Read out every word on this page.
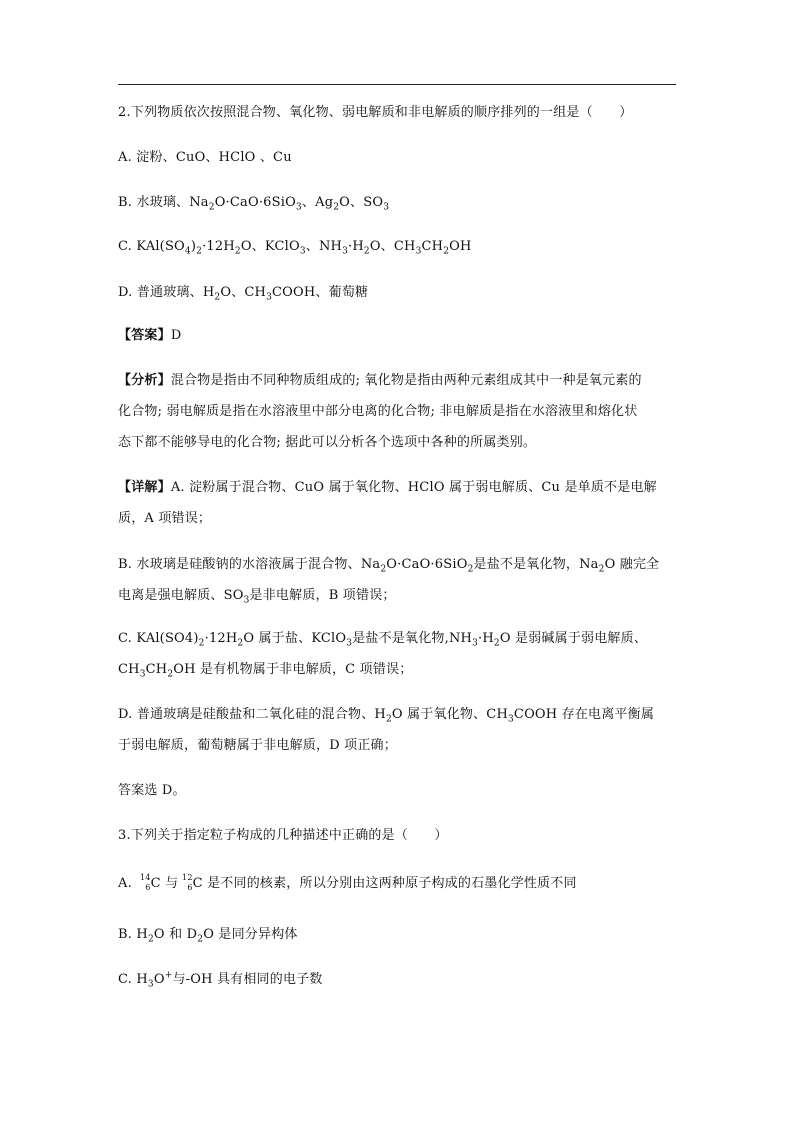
2.下列物质依次按照混合物、氧化物、弱电解质和非电解质的顺序排列的一组是（　　）
A. 淀粉、CuO、HClO 、Cu
B. 水玻璃、$Na_2O\cdot CaO\cdot 6SiO_3$、$Ag_2O$、$SO_3$
C. $KAl(SO_4)_2\cdot 12H_2O$、KClO$_3$、$NH_3\cdot H_2O$、$CH_3CH_2OH$
D. 普通玻璃、$H_2O$、$CH_3COOH$、葡萄糖
【答案】D
【分析】混合物是指由不同种物质组成的; 氧化物是指由两种元素组成其中一种是氧元素的
化合物; 弱电解质是指在水溶液里中部分电离的化合物; 非电解质是指在水溶液里和熔化状
态下都不能够导电的化合物; 据此可以分析各个选项中各种的所属类别。
【详解】A. 淀粉属于混合物、CuO 属于氧化物、HClO 属于弱电解质、Cu 是单质不是电解
质，A 项错误；
B. 水玻璃是硅酸钠的水溶液属于混合物、$Na_2O\cdot CaO\cdot 6SiO_2$是盐不是氧化物，$Na_2O$ 融完全
电离是强电解质、$SO_3$是非电解质，B 项错误；
C. $KAl(SO4)_2\cdot 12H_2O$ 属于盐、KClO$_3$是盐不是氧化物$,NH_3\cdot H_2O$ 是弱碱属于弱电解质、
$CH_3CH_2OH$ 是有机物属于非电解质，C 项错误；
D. 普通玻璃是硅酸盐和二氧化硅的混合物、$H_2O$ 属于氧化物、$CH_3COOH$ 存在电离平衡属
于弱电解质，葡萄糖属于非电解质，D 项正确；
答案选 D。
3.下列关于指定粒子构成的几种描述中正确的是（　　）
A. 14
6 C 与 12
6 C 是不同的核素，所以分别由这两种原子构成的石墨化学性质不同
B. $H_2O$ 和 $D_2O$ 是同分异构体
C. $H_3O^+$与-OH 具有相同的电子数
